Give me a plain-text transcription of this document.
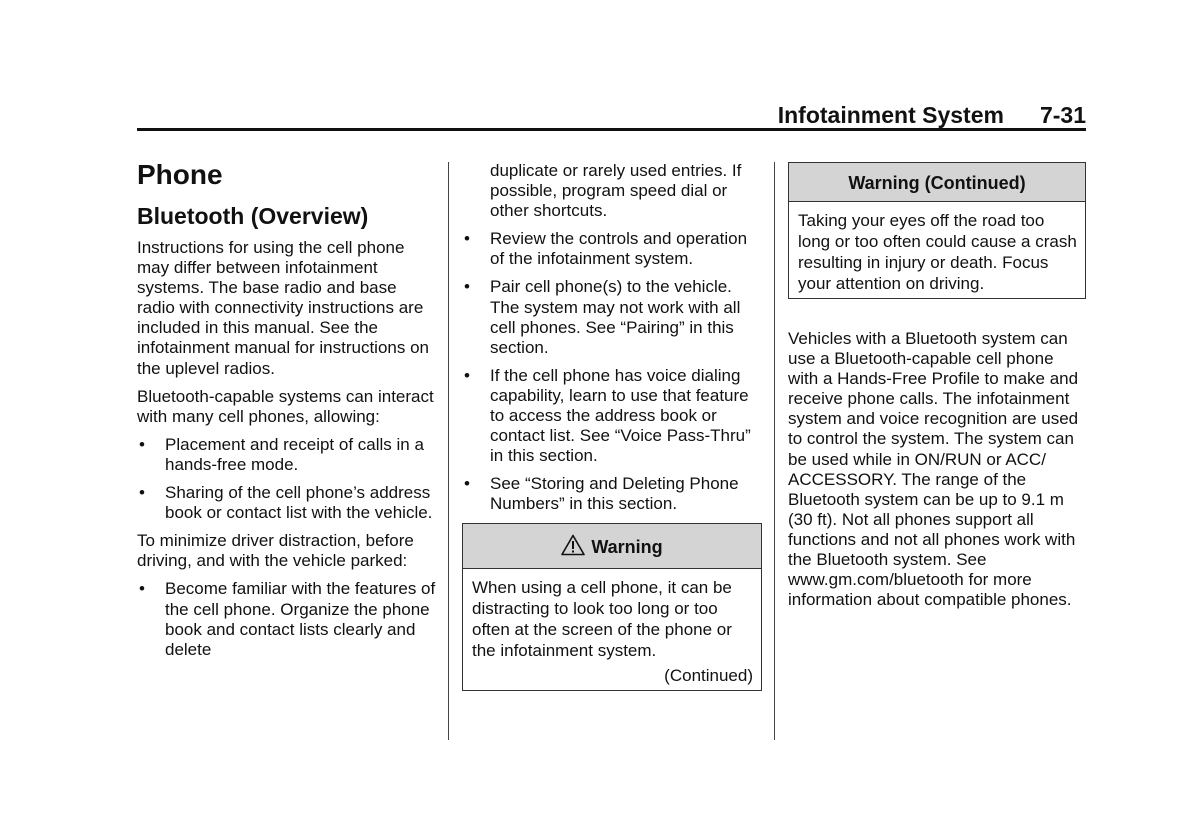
Infotainment System 7-31
Phone
Bluetooth (Overview)

Instructions for using the cell phone may differ between infotainment systems. The base radio and base radio with connectivity instructions are included in this manual. See the infotainment manual for instructions on the uplevel radios.

Bluetooth-capable systems can interact with many cell phones, allowing:

• Placement and receipt of calls in a hands-free mode.
• Sharing of the cell phone’s address book or contact list with the vehicle.

To minimize driver distraction, before driving, and with the vehicle parked:

• Become familiar with the features of the cell phone. Organize the phone book and contact lists clearly and delete
duplicate or rarely used entries. If possible, program speed dial or other shortcuts.
• Review the controls and operation of the infotainment system.
• Pair cell phone(s) to the vehicle. The system may not work with all cell phones. See “Pairing” in this section.
• If the cell phone has voice dialing capability, learn to use that feature to access the address book or contact list. See “Voice Pass-Thru” in this section.
• See “Storing and Deleting Phone Numbers” in this section.
Warning
When using a cell phone, it can be distracting to look too long or too often at the screen of the phone or the infotainment system.
(Continued)
Warning (Continued)
Taking your eyes off the road too long or too often could cause a crash resulting in injury or death. Focus your attention on driving.

Vehicles with a Bluetooth system can use a Bluetooth-capable cell phone with a Hands-Free Profile to make and receive phone calls. The infotainment system and voice recognition are used to control the system. The system can be used while in ON/RUN or ACC/ ACCESSORY. The range of the Bluetooth system can be up to 9.1 m (30 ft). Not all phones support all functions and not all phones work with the Bluetooth system. See www.gm.com/bluetooth for more information about compatible phones.
